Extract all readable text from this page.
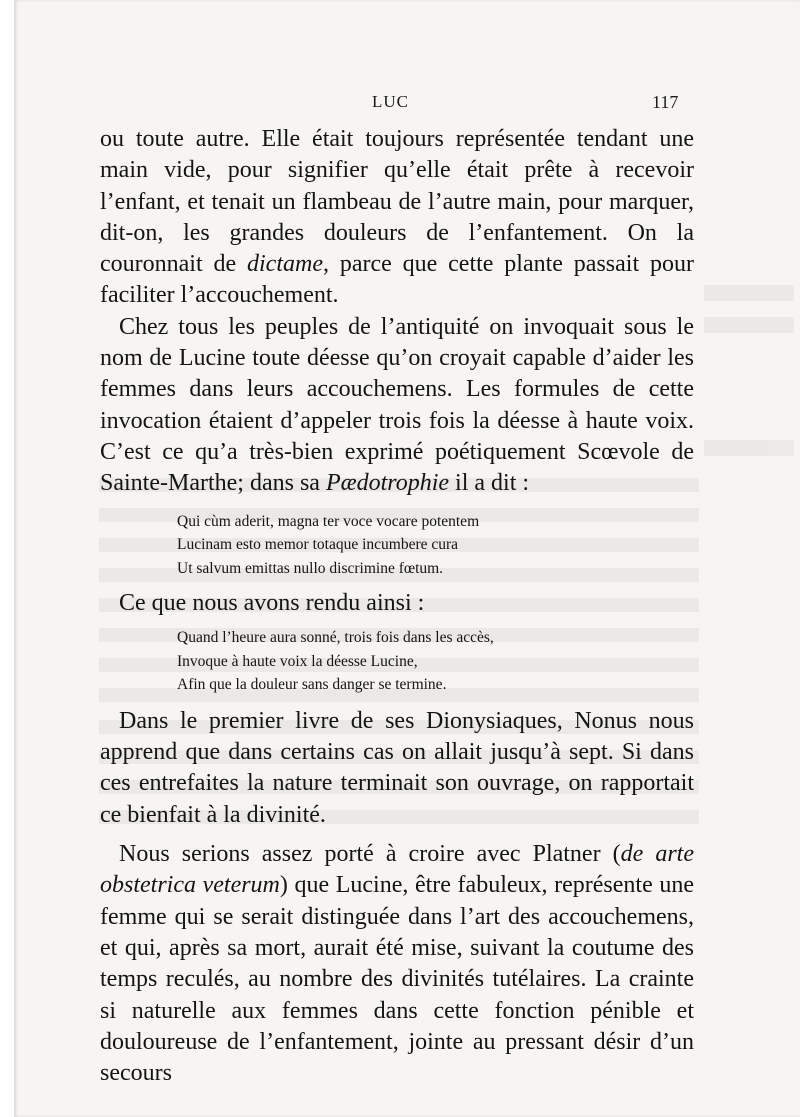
LUC	117

ou toute autre. Elle était toujours représentée tendant une main vide, pour signifier qu’elle était prête à recevoir l’enfant, et tenait un flambeau de l’autre main, pour marquer, dit-on, les grandes douleurs de l’enfantement. On la couronnait de dictame, parce que cette plante passait pour faciliter l’accouchement.

Chez tous les peuples de l’antiquité on invoquait sous le nom de Lucine toute déesse qu’on croyait capable d’aider les femmes dans leurs accouchemens. Les formules de cette invocation étaient d’appeler trois fois la déesse à haute voix. C’est ce qu’a très-bien exprimé poétiquement Scœvole de Sainte-Marthe; dans sa Pædotrophie il a dit :

Qui cùm aderit, magna ter voce vocare potentem
Lucinam esto memor totaque incumbere cura
Ut salvum emittas nullo discrimine fœtum.

Ce que nous avons rendu ainsi :

Quand l’heure aura sonné, trois fois dans les accès,
Invoque à haute voix la déesse Lucine,
Afin que la douleur sans danger se termine.

Dans le premier livre de ses Dionysiaques, Nonus nous apprend que dans certains cas on allait jusqu’à sept. Si dans ces entrefaites la nature terminait son ouvrage, on rapportait ce bienfait à la divinité.

Nous serions assez porté à croire avec Platner (de arte obstetrica veterum) que Lucine, être fabuleux, représente une femme qui se serait distinguée dans l’art des accouchemens, et qui, après sa mort, aurait été mise, suivant la coutume des temps reculés, au nombre des divinités tutélaires. La crainte si naturelle aux femmes dans cette fonction pénible et douloureuse de l’enfantement, jointe au pressant désir d’un secours
